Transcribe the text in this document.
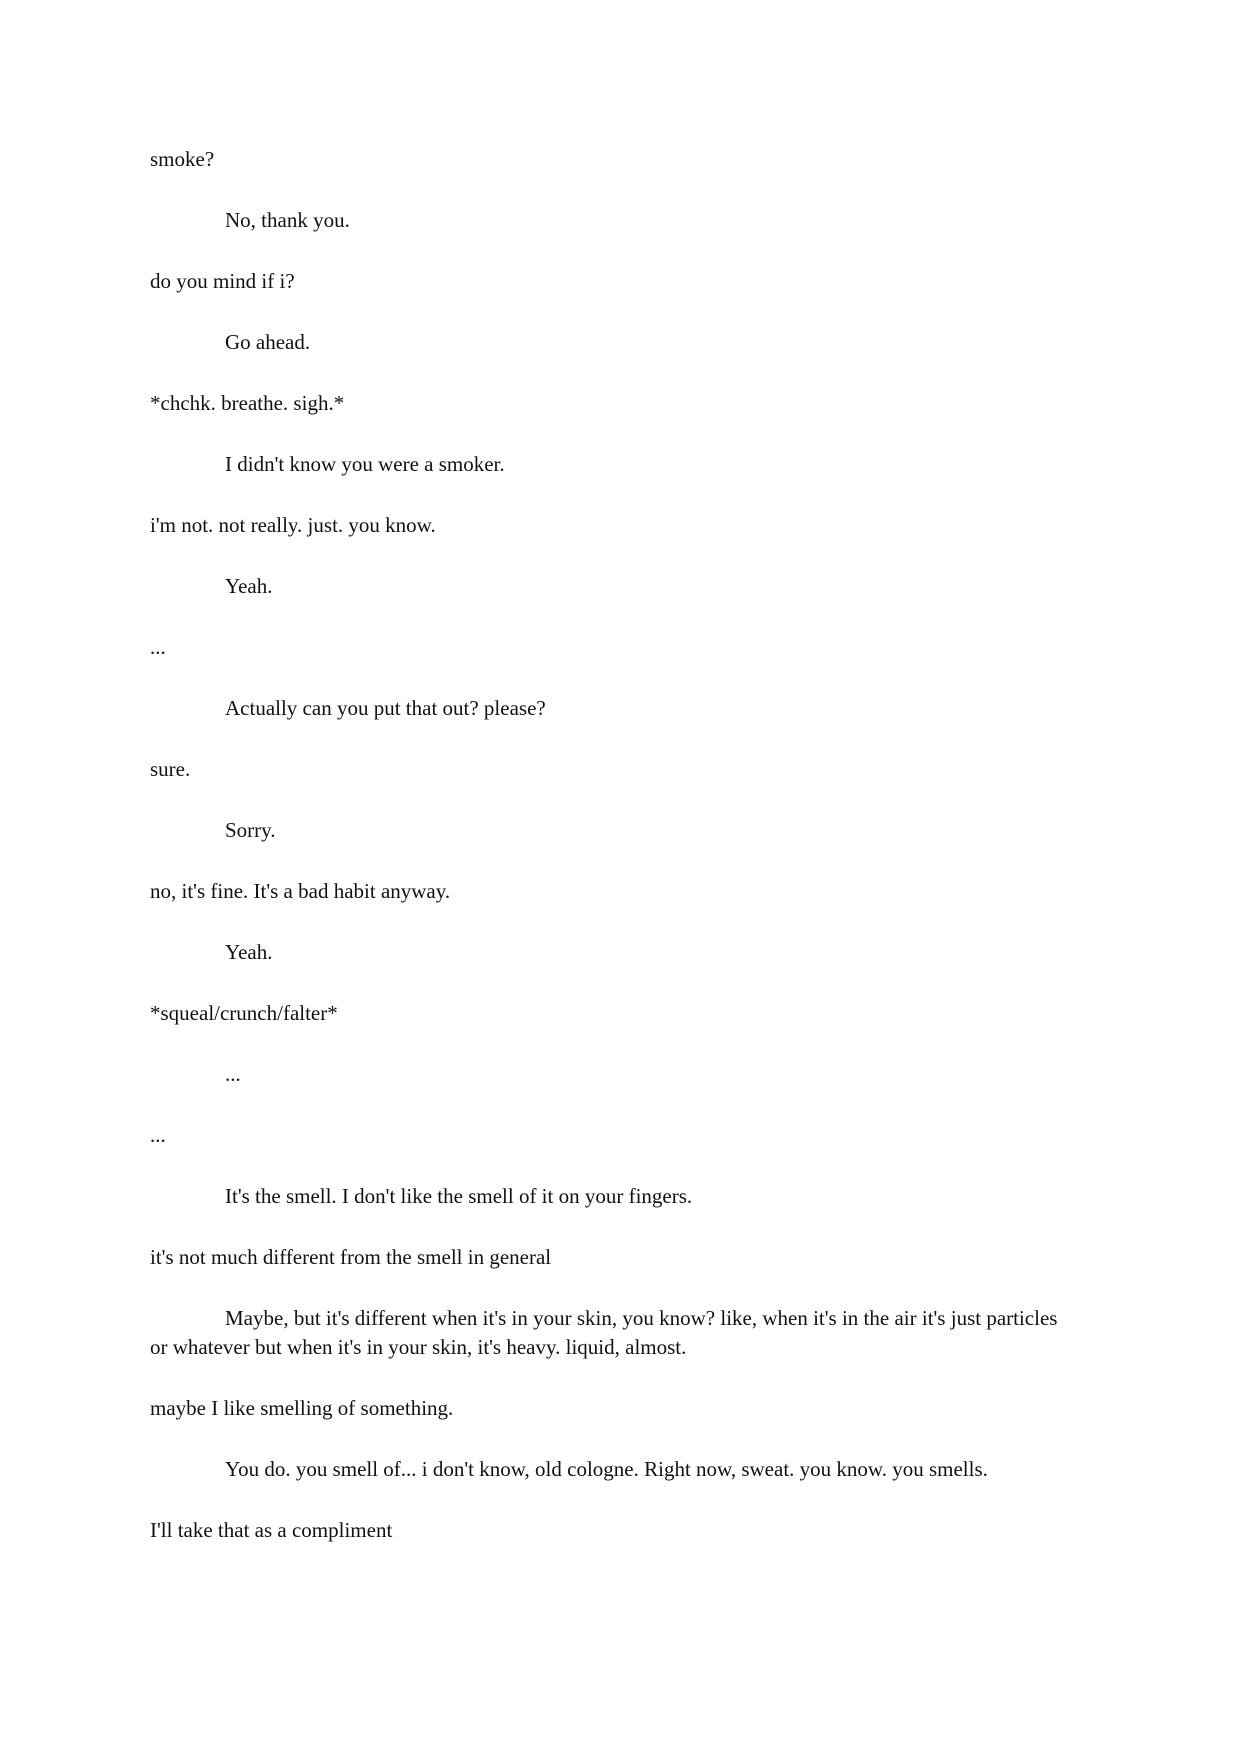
smoke?

No, thank you.

do you mind if i?

Go ahead.

*chchk. breathe. sigh.*

I didn't know you were a smoker.

i'm not. not really. just. you know.

Yeah.

...

Actually can you put that out? please?

sure.

Sorry.

no, it's fine. It's a bad habit anyway.

Yeah.

*squeal/crunch/falter*

...

...

It's the smell. I don't like the smell of it on your fingers.

it's not much different from the smell in general

Maybe, but it's different when it's in your skin, you know? like, when it's in the air it's just particles or whatever but when it's in your skin, it's heavy. liquid, almost.

maybe I like smelling of something.

You do. you smell of... i don't know, old cologne. Right now, sweat. you know. you smells.

I'll take that as a compliment
